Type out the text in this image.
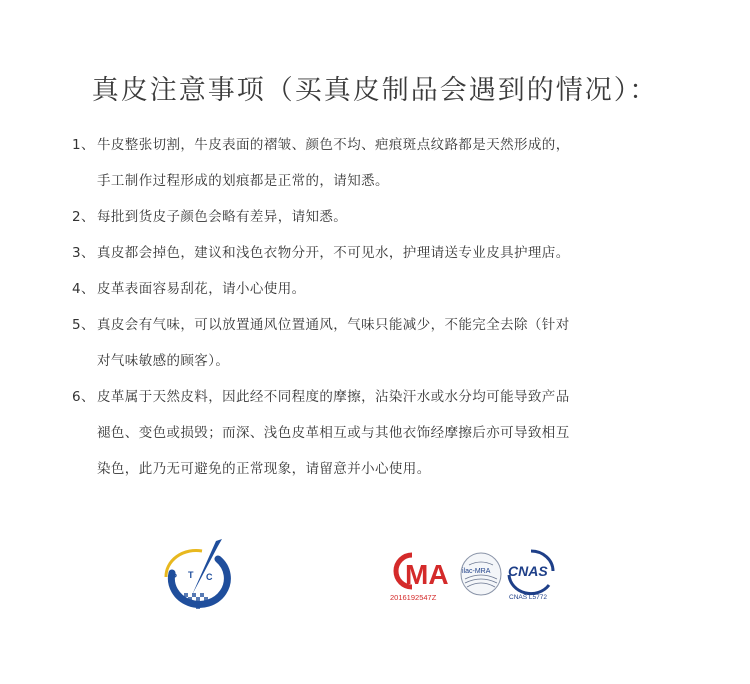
真皮注意事项（买真皮制品会遇到的情况）：
1、 牛皮整张切割，牛皮表面的褶皱、颜色不均、疤痕斑点纹路都是天然形成的，
手工制作过程形成的划痕都是正常的，请知悉。
2、 每批到货皮子颜色会略有差异，请知悉。
3、 真皮都会掉色，建议和浅色衣物分开，不可见水，护理请送专业皮具护理店。
4、 皮革表面容易刮花，请小心使用。
5、 真皮会有气味，可以放置通风位置通风，气味只能减少，不能完全去除（针对
对气味敏感的顾客）。
6、 皮革属于天然皮料，因此经不同程度的摩擦，沾染汗水或水分均可能导致产品
褪色、变色或损毁；而深、浅色皮革相互或与其他衣饰经摩擦后亦可导致相互
染色，此乃无可避免的正常现象，请留意并小心使用。
P T C	MA
2016192547Z
ilac-MRA CNAS
CNAS L5772
